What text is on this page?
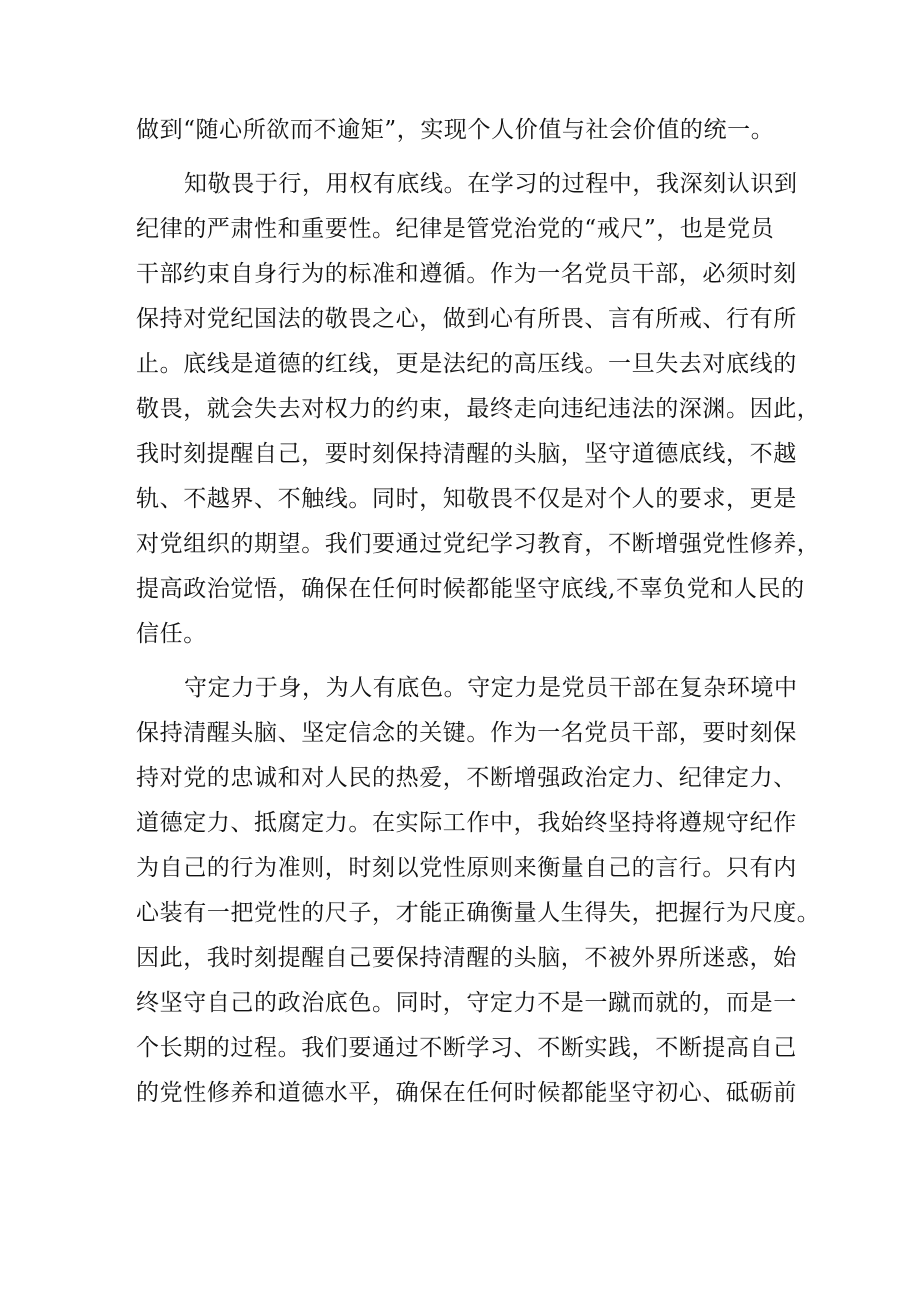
做到“随心所欲而不逾矩”，实现个人价值与社会价值的统一。
知敬畏于行，用权有底线。在学习的过程中，我深刻认识到
纪律的严肃性和重要性。纪律是管党治党的“戒尺”，也是党员
干部约束自身行为的标准和遵循。作为一名党员干部，必须时刻
保持对党纪国法的敬畏之心，做到心有所畏、言有所戒、行有所
止。底线是道德的红线，更是法纪的高压线。一旦失去对底线的
敬畏，就会失去对权力的约束，最终走向违纪违法的深渊。因此，
我时刻提醒自己，要时刻保持清醒的头脑，坚守道德底线，不越
轨、不越界、不触线。同时，知敬畏不仅是对个人的要求，更是
对党组织的期望。我们要通过党纪学习教育，不断增强党性修养，
提高政治觉悟，确保在任何时候都能坚守底线,不辜负党和人民的
信任。
守定力于身，为人有底色。守定力是党员干部在复杂环境中
保持清醒头脑、坚定信念的关键。作为一名党员干部，要时刻保
持对党的忠诚和对人民的热爱，不断增强政治定力、纪律定力、
道德定力、抵腐定力。在实际工作中，我始终坚持将遵规守纪作
为自己的行为准则，时刻以党性原则来衡量自己的言行。只有内
心装有一把党性的尺子，才能正确衡量人生得失，把握行为尺度。
因此，我时刻提醒自己要保持清醒的头脑，不被外界所迷惑，始
终坚守自己的政治底色。同时，守定力不是一蹴而就的，而是一
个长期的过程。我们要通过不断学习、不断实践，不断提高自己
的党性修养和道德水平，确保在任何时候都能坚守初心、砥砺前
